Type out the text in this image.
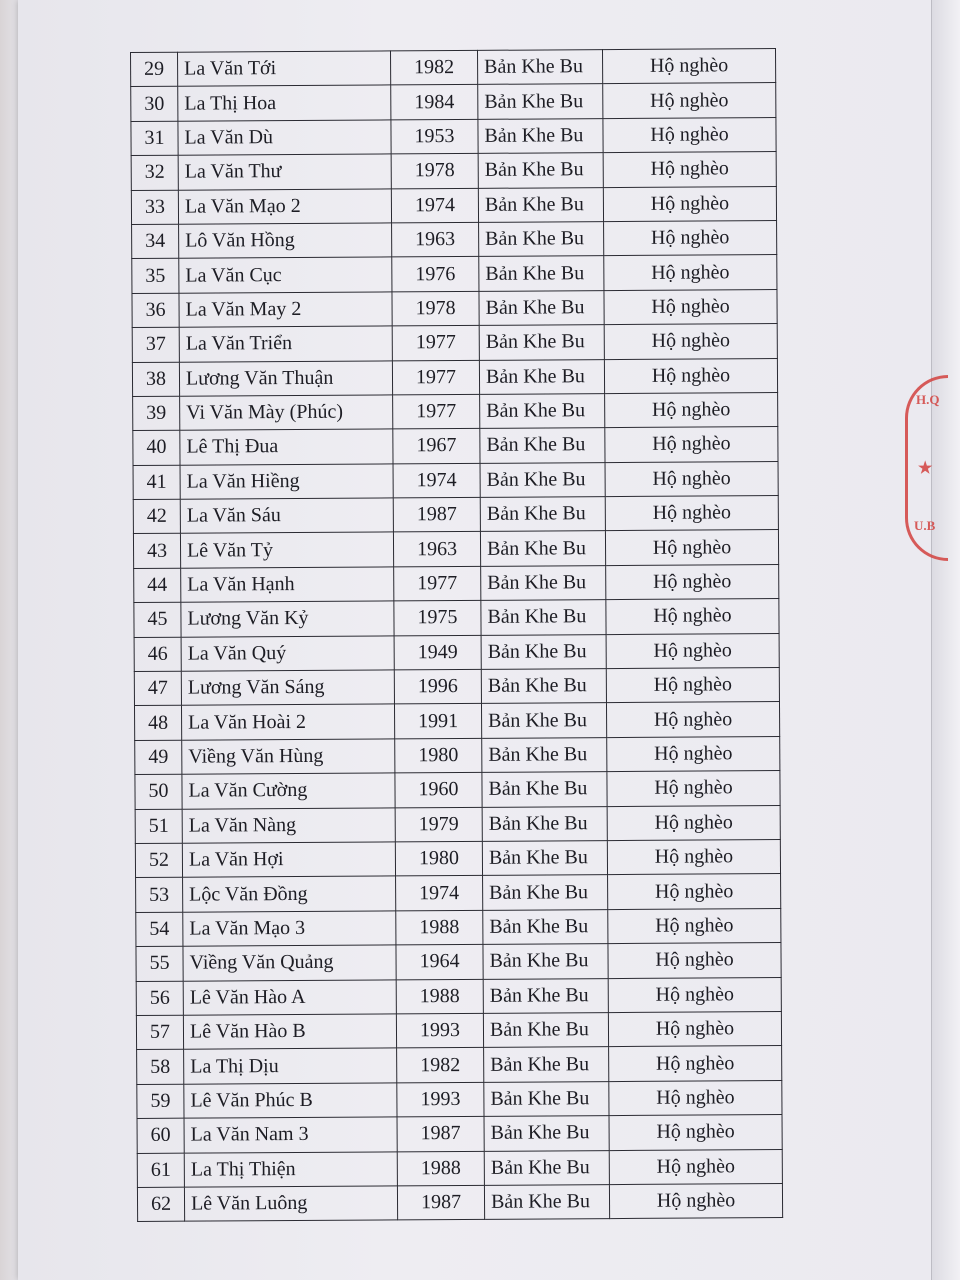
29	La Văn Tới	1982	Bản Khe Bu	Hộ nghèo
30	La Thị Hoa	1984	Bản Khe Bu	Hộ nghèo
31	La Văn Dù	1953	Bản Khe Bu	Hộ nghèo
32	La Văn Thư	1978	Bản Khe Bu	Hộ nghèo
33	La Văn Mạo 2	1974	Bản Khe Bu	Hộ nghèo
34	Lô Văn Hồng	1963	Bản Khe Bu	Hộ nghèo
35	La Văn Cục	1976	Bản Khe Bu	Hộ nghèo
36	La Văn May 2	1978	Bản Khe Bu	Hộ nghèo
37	La Văn Triển	1977	Bản Khe Bu	Hộ nghèo
38	Lương Văn Thuận	1977	Bản Khe Bu	Hộ nghèo
39	Vi Văn Mày (Phúc)	1977	Bản Khe Bu	Hộ nghèo
40	Lê Thị Đua	1967	Bản Khe Bu	Hộ nghèo
41	La Văn Hiềng	1974	Bản Khe Bu	Hộ nghèo
42	La Văn Sáu	1987	Bản Khe Bu	Hộ nghèo
43	Lê Văn Tỷ	1963	Bản Khe Bu	Hộ nghèo
44	La Văn Hạnh	1977	Bản Khe Bu	Hộ nghèo
45	Lương Văn Kỷ	1975	Bản Khe Bu	Hộ nghèo
46	La Văn Quý	1949	Bản Khe Bu	Hộ nghèo
47	Lương Văn Sáng	1996	Bản Khe Bu	Hộ nghèo
48	La Văn Hoài 2	1991	Bản Khe Bu	Hộ nghèo
49	Viềng Văn Hùng	1980	Bản Khe Bu	Hộ nghèo
50	La Văn Cường	1960	Bản Khe Bu	Hộ nghèo
51	La Văn Nàng	1979	Bản Khe Bu	Hộ nghèo
52	La Văn Hợi	1980	Bản Khe Bu	Hộ nghèo
53	Lộc Văn Đồng	1974	Bản Khe Bu	Hộ nghèo
54	La Văn Mạo 3	1988	Bản Khe Bu	Hộ nghèo
55	Viềng Văn Quảng	1964	Bản Khe Bu	Hộ nghèo
56	Lê Văn Hào A	1988	Bản Khe Bu	Hộ nghèo
57	Lê Văn Hào B	1993	Bản Khe Bu	Hộ nghèo
58	La Thị Dịu	1982	Bản Khe Bu	Hộ nghèo
59	Lê Văn Phúc B	1993	Bản Khe Bu	Hộ nghèo
60	La Văn Nam 3	1987	Bản Khe Bu	Hộ nghèo
61	La Thị Thiện	1988	Bản Khe Bu	Hộ nghèo
62	Lê Văn Luông	1987	Bản Khe Bu	Hộ nghèo
H.Q
★
U.B
